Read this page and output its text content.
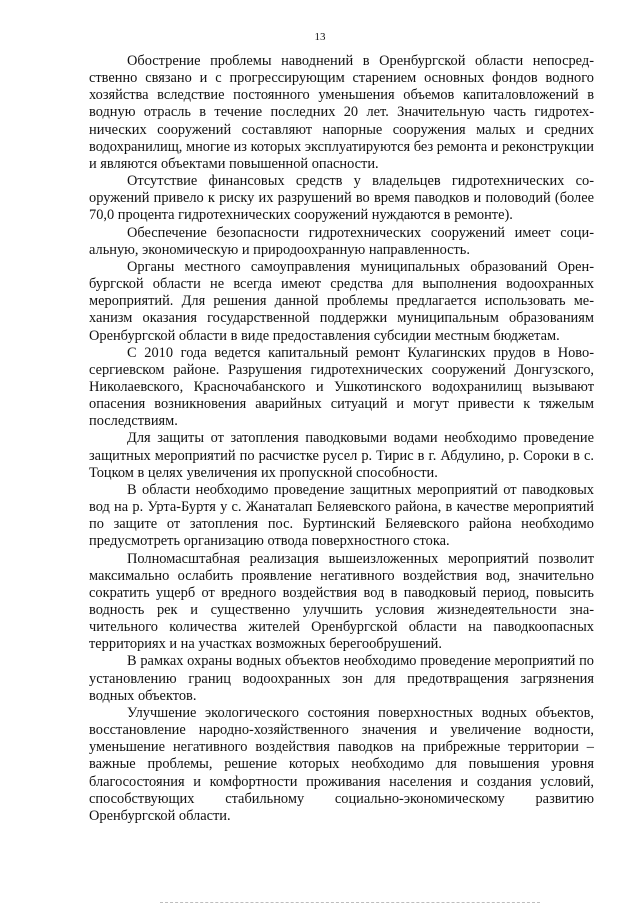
13

Обострение проблемы наводнений в Оренбургской области непосредственно связано и с прогрессирующим старением основных фондов водного хозяйства вследствие постоянного уменьшения объемов капиталовложений в водную отрасль в течение последних 20 лет. Значительную часть гидротехнических сооружений составляют напорные сооружения малых и средних водохранилищ, многие из которых эксплуатируются без ремонта и реконструкции и являются объектами повышенной опасности.

Отсутствие финансовых средств у владельцев гидротехнических сооружений привело к риску их разрушений во время паводков и половодий (более 70,0 процента гидротехнических сооружений нуждаются в ремонте).

Обеспечение безопасности гидротехнических сооружений имеет социальную, экономическую и природоохранную направленность.

Органы местного самоуправления муниципальных образований Оренбургской области не всегда имеют средства для выполнения водоохранных мероприятий. Для решения данной проблемы предлагается использовать механизм оказания государственной поддержки муниципальным образованиям Оренбургской области в виде предоставления субсидии местным бюджетам.

С 2010 года ведется капитальный ремонт Кулагинских прудов в Новосергиевском районе. Разрушения гидротехнических сооружений Донгузского, Николаевского, Красночабанского и Ушкотинского водохранилищ вызывают опасения возникновения аварийных ситуаций и могут привести к тяжелым последствиям.

Для защиты от затопления паводковыми водами необходимо проведение защитных мероприятий по расчистке русел р. Тирис в г. Абдулино, р. Сороки в с. Тоцком в целях увеличения их пропускной способности.

В области необходимо проведение защитных мероприятий от паводковых вод на р. Урта-Буртя у с. Жанаталап Беляевского района, в качестве мероприятий по защите от затопления пос. Буртинский Беляевского района необходимо предусмотреть организацию отвода поверхностного стока.

Полномасштабная реализация вышеизложенных мероприятий позволит максимально ослабить проявление негативного воздействия вод, значительно сократить ущерб от вредного воздействия вод в паводковый период, повысить водность рек и существенно улучшить условия жизнедеятельности значительного количества жителей Оренбургской области на паводкоопасных территориях и на участках возможных берегообрушений.

В рамках охраны водных объектов необходимо проведение мероприятий по установлению границ водоохранных зон для предотвращения загрязнения водных объектов.

Улучшение экологического состояния поверхностных водных объектов, восстановление народно-хозяйственного значения и увеличение водности, уменьшение негативного воздействия паводков на прибрежные территории – важные проблемы, решение которых необходимо для повышения уровня благосостояния и комфортности проживания населения и создания условий, способствующих стабильному социально-экономическому развитию Оренбургской области.
